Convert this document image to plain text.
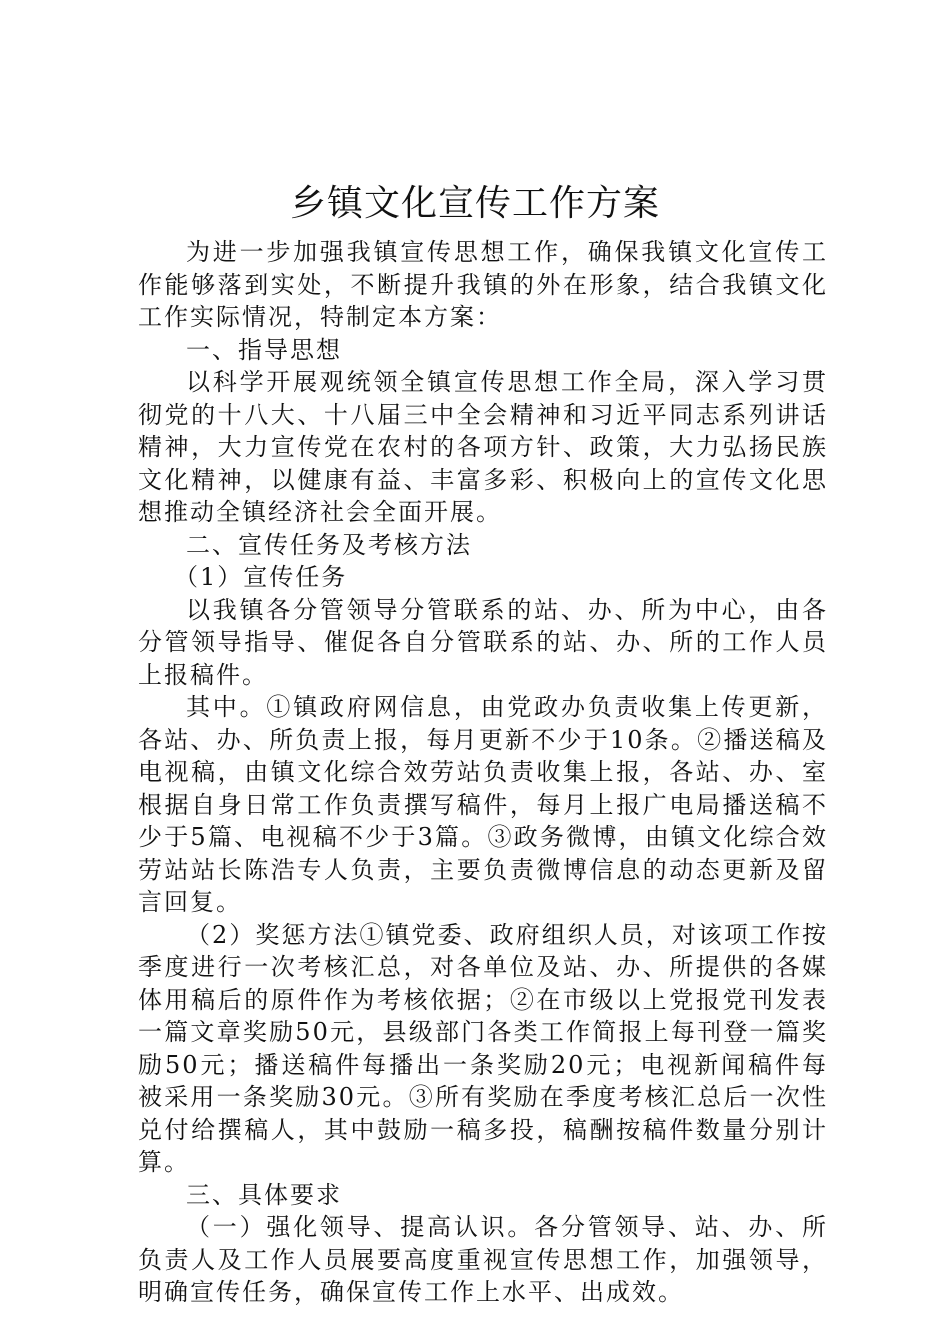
乡镇文化宣传工作方案

为进一步加强我镇宣传思想工作，确保我镇文化宣传工作能够落到实处，不断提升我镇的外在形象，结合我镇文化工作实际情况，特制定本方案：

一、指导思想

以科学开展观统领全镇宣传思想工作全局，深入学习贯彻党的十八大、十八届三中全会精神和习近平同志系列讲话精神，大力宣传党在农村的各项方针、政策，大力弘扬民族文化精神，以健康有益、丰富多彩、积极向上的宣传文化思想推动全镇经济社会全面开展。

二、宣传任务及考核方法

（1）宣传任务

以我镇各分管领导分管联系的站、办、所为中心，由各分管领导指导、催促各自分管联系的站、办、所的工作人员上报稿件。

其中。①镇政府网信息，由党政办负责收集上传更新，各站、办、所负责上报，每月更新不少于10条。②播送稿及电视稿，由镇文化综合效劳站负责收集上报，各站、办、室根据自身日常工作负责撰写稿件，每月上报广电局播送稿不少于5篇、电视稿不少于3篇。③政务微博，由镇文化综合效劳站站长陈浩专人负责，主要负责微博信息的动态更新及留言回复。

（2）奖惩方法①镇党委、政府组织人员，对该项工作按季度进行一次考核汇总，对各单位及站、办、所提供的各媒体用稿后的原件作为考核依据；②在市级以上党报党刊发表一篇文章奖励50元，县级部门各类工作简报上每刊登一篇奖励50元；播送稿件每播出一条奖励20元；电视新闻稿件每被采用一条奖励30元。③所有奖励在季度考核汇总后一次性兑付给撰稿人，其中鼓励一稿多投，稿酬按稿件数量分别计算。

三、具体要求

（一）强化领导、提高认识。各分管领导、站、办、所负责人及工作人员展要高度重视宣传思想工作，加强领导，明确宣传任务，确保宣传工作上水平、出成效。
